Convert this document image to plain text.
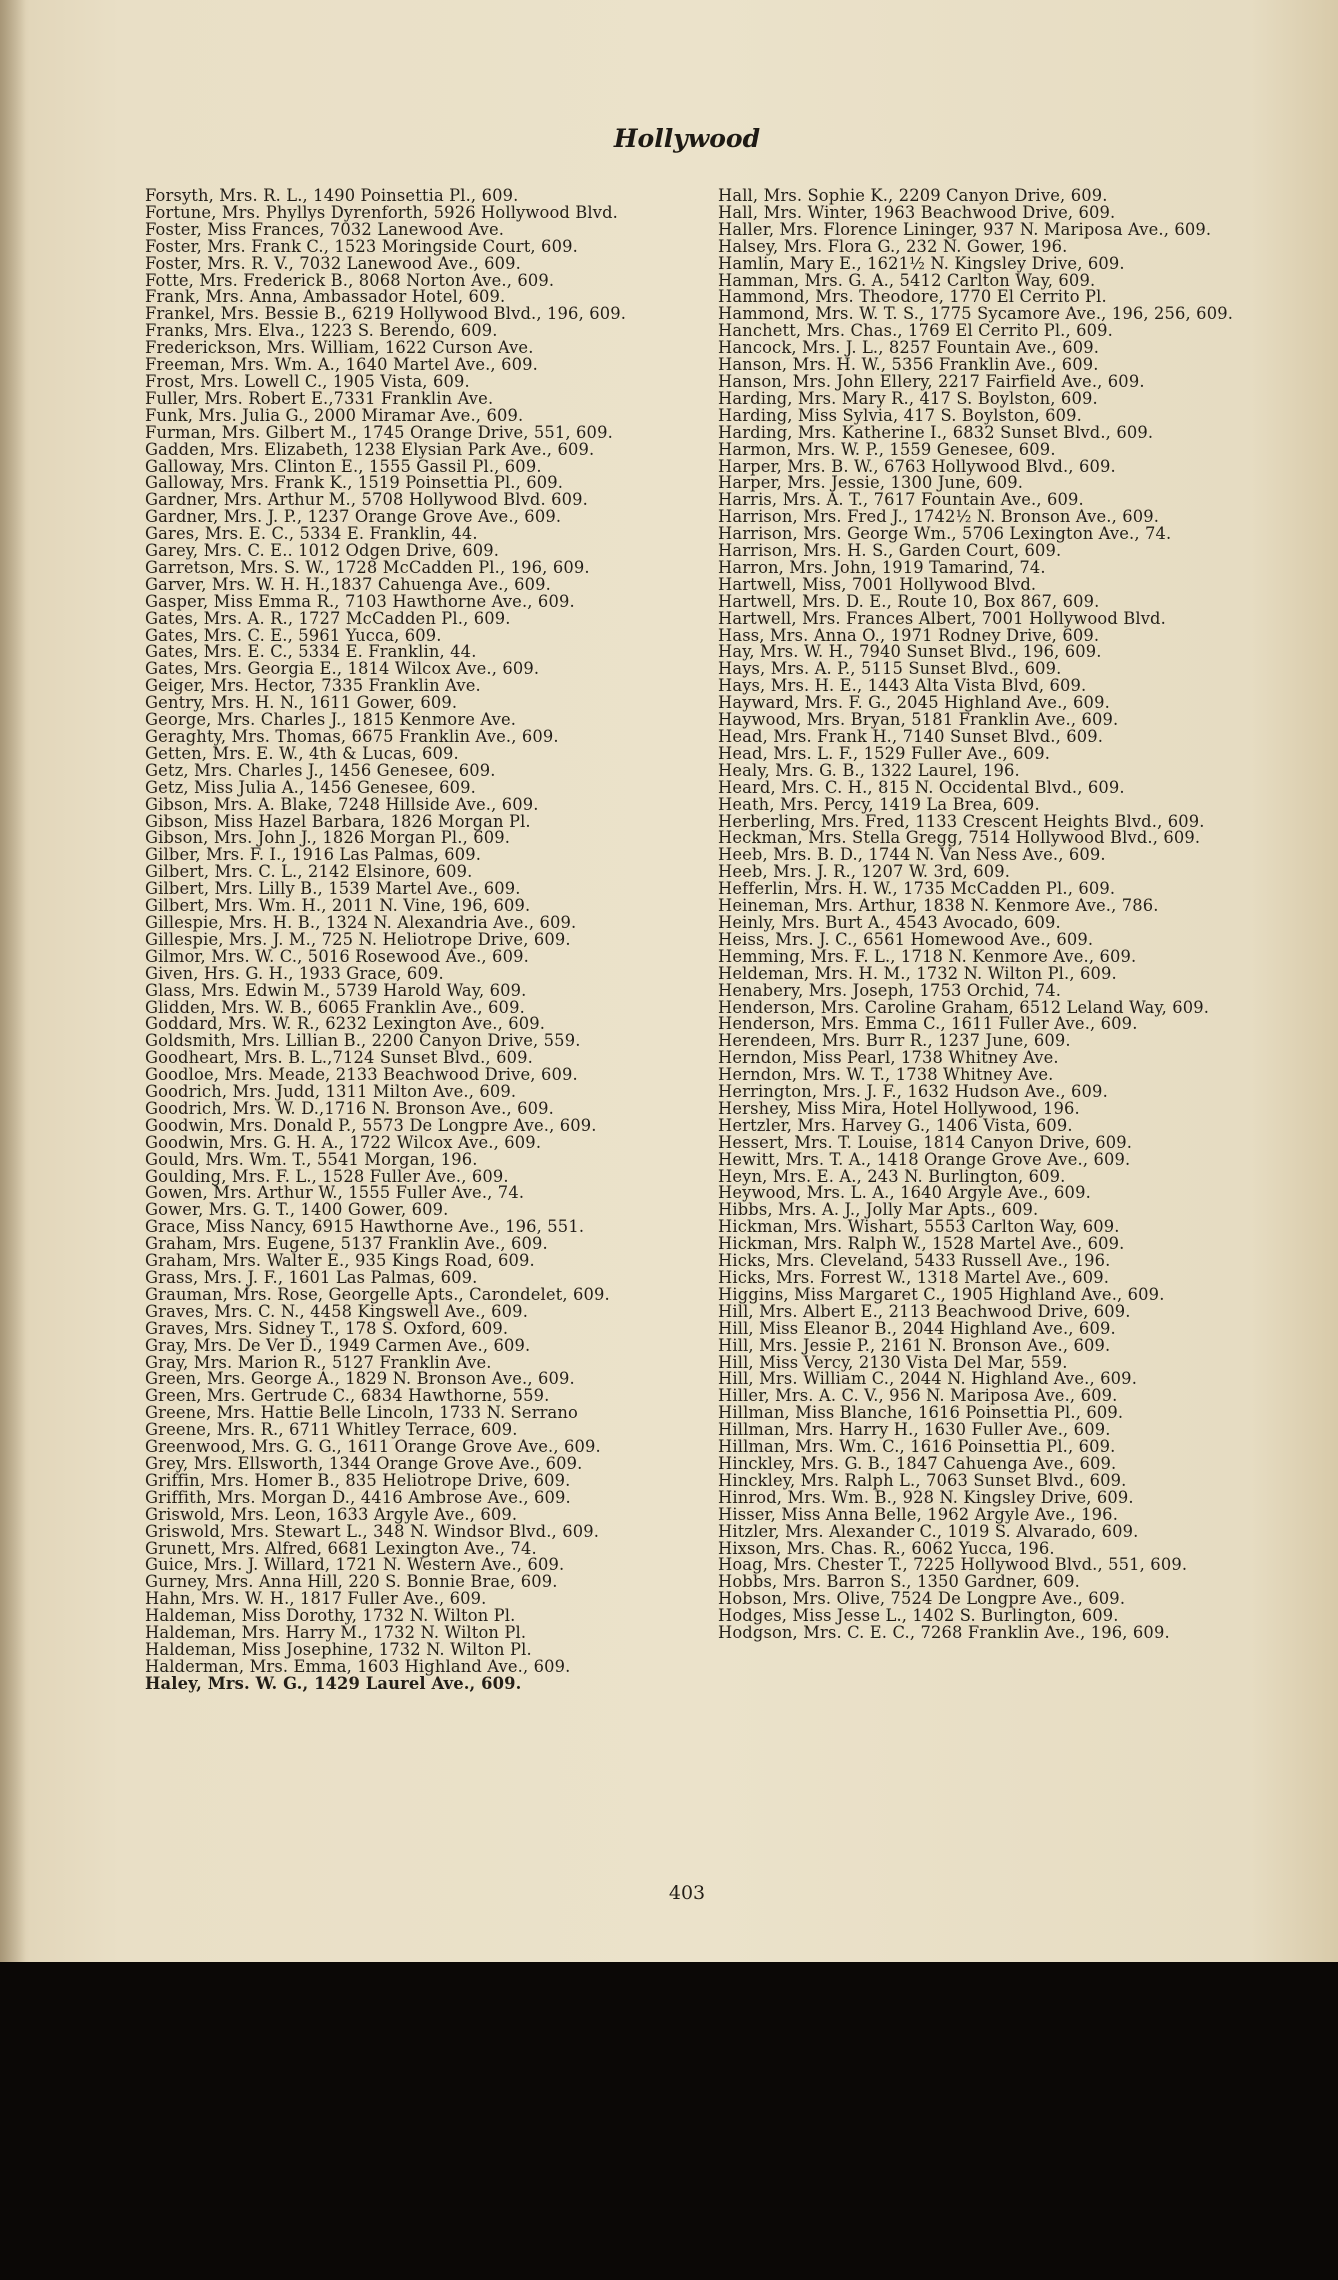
Hollywood
Forsyth, Mrs. R. L., 1490 Poinsettia Pl., 609.
Fortune, Mrs. Phyllys Dyrenforth, 5926 Hollywood Blvd.
Foster, Miss Frances, 7032 Lanewood Ave.
Foster, Mrs. Frank C., 1523 Moringside Court, 609.
Foster, Mrs. R. V., 7032 Lanewood Ave., 609.
Fotte, Mrs. Frederick B., 8068 Norton Ave., 609.
Frank, Mrs. Anna, Ambassador Hotel, 609.
Frankel, Mrs. Bessie B., 6219 Hollywood Blvd., 196, 609.
Franks, Mrs. Elva., 1223 S. Berendo, 609.
Frederickson, Mrs. William, 1622 Curson Ave.
Freeman, Mrs. Wm. A., 1640 Martel Ave., 609.
Frost, Mrs. Lowell C., 1905 Vista, 609.
Fuller, Mrs. Robert E.,7331 Franklin Ave.
Funk, Mrs. Julia G., 2000 Miramar Ave., 609.
Furman, Mrs. Gilbert M., 1745 Orange Drive, 551, 609.
Gadden, Mrs. Elizabeth, 1238 Elysian Park Ave., 609.
Galloway, Mrs. Clinton E., 1555 Gassil Pl., 609.
Galloway, Mrs. Frank K., 1519 Poinsettia Pl., 609.
Gardner, Mrs. Arthur M., 5708 Hollywood Blvd. 609.
Gardner, Mrs. J. P., 1237 Orange Grove Ave., 609.
Gares, Mrs. E. C., 5334 E. Franklin, 44.
Garey, Mrs. C. E.. 1012 Odgen Drive, 609.
Garretson, Mrs. S. W., 1728 McCadden Pl., 196, 609.
Garver, Mrs. W. H. H.,1837 Cahuenga Ave., 609.
Gasper, Miss Emma R., 7103 Hawthorne Ave., 609.
Gates, Mrs. A. R., 1727 McCadden Pl., 609.
Gates, Mrs. C. E., 5961 Yucca, 609.
Gates, Mrs. E. C., 5334 E. Franklin, 44.
Gates, Mrs. Georgia E., 1814 Wilcox Ave., 609.
Geiger, Mrs. Hector, 7335 Franklin Ave.
Gentry, Mrs. H. N., 1611 Gower, 609.
George, Mrs. Charles J., 1815 Kenmore Ave.
Geraghty, Mrs. Thomas, 6675 Franklin Ave., 609.
Getten, Mrs. E. W., 4th & Lucas, 609.
Getz, Mrs. Charles J., 1456 Genesee, 609.
Getz, Miss Julia A., 1456 Genesee, 609.
Gibson, Mrs. A. Blake, 7248 Hillside Ave., 609.
Gibson, Miss Hazel Barbara, 1826 Morgan Pl.
Gibson, Mrs. John J., 1826 Morgan Pl., 609.
Gilber, Mrs. F. I., 1916 Las Palmas, 609.
Gilbert, Mrs. C. L., 2142 Elsinore, 609.
Gilbert, Mrs. Lilly B., 1539 Martel Ave., 609.
Gilbert, Mrs. Wm. H., 2011 N. Vine, 196, 609.
Gillespie, Mrs. H. B., 1324 N. Alexandria Ave., 609.
Gillespie, Mrs. J. M., 725 N. Heliotrope Drive, 609.
Gilmor, Mrs. W. C., 5016 Rosewood Ave., 609.
Given, Hrs. G. H., 1933 Grace, 609.
Glass, Mrs. Edwin M., 5739 Harold Way, 609.
Glidden, Mrs. W. B., 6065 Franklin Ave., 609.
Goddard, Mrs. W. R., 6232 Lexington Ave., 609.
Goldsmith, Mrs. Lillian B., 2200 Canyon Drive, 559.
Goodheart, Mrs. B. L.,7124 Sunset Blvd., 609.
Goodloe, Mrs. Meade, 2133 Beachwood Drive, 609.
Goodrich, Mrs. Judd, 1311 Milton Ave., 609.
Goodrich, Mrs. W. D.,1716 N. Bronson Ave., 609.
Goodwin, Mrs. Donald P., 5573 De Longpre Ave., 609.
Goodwin, Mrs. G. H. A., 1722 Wilcox Ave., 609.
Gould, Mrs. Wm. T., 5541 Morgan, 196.
Goulding, Mrs. F. L., 1528 Fuller Ave., 609.
Gowen, Mrs. Arthur W., 1555 Fuller Ave., 74.
Gower, Mrs. G. T., 1400 Gower, 609.
Grace, Miss Nancy, 6915 Hawthorne Ave., 196, 551.
Graham, Mrs. Eugene, 5137 Franklin Ave., 609.
Graham, Mrs. Walter E., 935 Kings Road, 609.
Grass, Mrs. J. F., 1601 Las Palmas, 609.
Grauman, Mrs. Rose, Georgelle Apts., Carondelet, 609.
Graves, Mrs. C. N., 4458 Kingswell Ave., 609.
Graves, Mrs. Sidney T., 178 S. Oxford, 609.
Gray, Mrs. De Ver D., 1949 Carmen Ave., 609.
Gray, Mrs. Marion R., 5127 Franklin Ave.
Green, Mrs. George A., 1829 N. Bronson Ave., 609.
Green, Mrs. Gertrude C., 6834 Hawthorne, 559.
Greene, Mrs. Hattie Belle Lincoln, 1733 N. Serrano
Greene, Mrs. R., 6711 Whitley Terrace, 609.
Greenwood, Mrs. G. G., 1611 Orange Grove Ave., 609.
Grey, Mrs. Ellsworth, 1344 Orange Grove Ave., 609.
Griffin, Mrs. Homer B., 835 Heliotrope Drive, 609.
Griffith, Mrs. Morgan D., 4416 Ambrose Ave., 609.
Griswold, Mrs. Leon, 1633 Argyle Ave., 609.
Griswold, Mrs. Stewart L., 348 N. Windsor Blvd., 609.
Grunett, Mrs. Alfred, 6681 Lexington Ave., 74.
Guice, Mrs. J. Willard, 1721 N. Western Ave., 609.
Gurney, Mrs. Anna Hill, 220 S. Bonnie Brae, 609.
Hahn, Mrs. W. H., 1817 Fuller Ave., 609.
Haldeman, Miss Dorothy, 1732 N. Wilton Pl.
Haldeman, Mrs. Harry M., 1732 N. Wilton Pl.
Haldeman, Miss Josephine, 1732 N. Wilton Pl.
Halderman, Mrs. Emma, 1603 Highland Ave., 609.
Haley, Mrs. W. G., 1429 Laurel Ave., 609.
Hall, Mrs. Sophie K., 2209 Canyon Drive, 609.
Hall, Mrs. Winter, 1963 Beachwood Drive, 609.
Haller, Mrs. Florence Lininger, 937 N. Mariposa Ave., 609.
Halsey, Mrs. Flora G., 232 N. Gower, 196.
Hamlin, Mary E., 1621½ N. Kingsley Drive, 609.
Hamman, Mrs. G. A., 5412 Carlton Way, 609.
Hammond, Mrs. Theodore, 1770 El Cerrito Pl.
Hammond, Mrs. W. T. S., 1775 Sycamore Ave., 196, 256, 609.
Hanchett, Mrs. Chas., 1769 El Cerrito Pl., 609.
Hancock, Mrs. J. L., 8257 Fountain Ave., 609.
Hanson, Mrs. H. W., 5356 Franklin Ave., 609.
Hanson, Mrs. John Ellery, 2217 Fairfield Ave., 609.
Harding, Mrs. Mary R., 417 S. Boylston, 609.
Harding, Miss Sylvia, 417 S. Boylston, 609.
Harding, Mrs. Katherine I., 6832 Sunset Blvd., 609.
Harmon, Mrs. W. P., 1559 Genesee, 609.
Harper, Mrs. B. W., 6763 Hollywood Blvd., 609.
Harper, Mrs. Jessie, 1300 June, 609.
Harris, Mrs. A. T., 7617 Fountain Ave., 609.
Harrison, Mrs. Fred J., 1742½ N. Bronson Ave., 609.
Harrison, Mrs. George Wm., 5706 Lexington Ave., 74.
Harrison, Mrs. H. S., Garden Court, 609.
Harron, Mrs. John, 1919 Tamarind, 74.
Hartwell, Miss, 7001 Hollywood Blvd.
Hartwell, Mrs. D. E., Route 10, Box 867, 609.
Hartwell, Mrs. Frances Albert, 7001 Hollywood Blvd.
Hass, Mrs. Anna O., 1971 Rodney Drive, 609.
Hay, Mrs. W. H., 7940 Sunset Blvd., 196, 609.
Hays, Mrs. A. P., 5115 Sunset Blvd., 609.
Hays, Mrs. H. E., 1443 Alta Vista Blvd, 609.
Hayward, Mrs. F. G., 2045 Highland Ave., 609.
Haywood, Mrs. Bryan, 5181 Franklin Ave., 609.
Head, Mrs. Frank H., 7140 Sunset Blvd., 609.
Head, Mrs. L. F., 1529 Fuller Ave., 609.
Healy, Mrs. G. B., 1322 Laurel, 196.
Heard, Mrs. C. H., 815 N. Occidental Blvd., 609.
Heath, Mrs. Percy, 1419 La Brea, 609.
Herberling, Mrs. Fred, 1133 Crescent Heights Blvd., 609.
Heckman, Mrs. Stella Gregg, 7514 Hollywood Blvd., 609.
Heeb, Mrs. B. D., 1744 N. Van Ness Ave., 609.
Heeb, Mrs. J. R., 1207 W. 3rd, 609.
Hefferlin, Mrs. H. W., 1735 McCadden Pl., 609.
Heineman, Mrs. Arthur, 1838 N. Kenmore Ave., 786.
Heinly, Mrs. Burt A., 4543 Avocado, 609.
Heiss, Mrs. J. C., 6561 Homewood Ave., 609.
Hemming, Mrs. F. L., 1718 N. Kenmore Ave., 609.
Heldeman, Mrs. H. M., 1732 N. Wilton Pl., 609.
Henabery, Mrs. Joseph, 1753 Orchid, 74.
Henderson, Mrs. Caroline Graham, 6512 Leland Way, 609.
Henderson, Mrs. Emma C., 1611 Fuller Ave., 609.
Herendeen, Mrs. Burr R., 1237 June, 609.
Herndon, Miss Pearl, 1738 Whitney Ave.
Herndon, Mrs. W. T., 1738 Whitney Ave.
Herrington, Mrs. J. F., 1632 Hudson Ave., 609.
Hershey, Miss Mira, Hotel Hollywood, 196.
Hertzler, Mrs. Harvey G., 1406 Vista, 609.
Hessert, Mrs. T. Louise, 1814 Canyon Drive, 609.
Hewitt, Mrs. T. A., 1418 Orange Grove Ave., 609.
Heyn, Mrs. E. A., 243 N. Burlington, 609.
Heywood, Mrs. L. A., 1640 Argyle Ave., 609.
Hibbs, Mrs. A. J., Jolly Mar Apts., 609.
Hickman, Mrs. Wishart, 5553 Carlton Way, 609.
Hickman, Mrs. Ralph W., 1528 Martel Ave., 609.
Hicks, Mrs. Cleveland, 5433 Russell Ave., 196.
Hicks, Mrs. Forrest W., 1318 Martel Ave., 609.
Higgins, Miss Margaret C., 1905 Highland Ave., 609.
Hill, Mrs. Albert E., 2113 Beachwood Drive, 609.
Hill, Miss Eleanor B., 2044 Highland Ave., 609.
Hill, Mrs. Jessie P., 2161 N. Bronson Ave., 609.
Hill, Miss Vercy, 2130 Vista Del Mar, 559.
Hill, Mrs. William C., 2044 N. Highland Ave., 609.
Hiller, Mrs. A. C. V., 956 N. Mariposa Ave., 609.
Hillman, Miss Blanche, 1616 Poinsettia Pl., 609.
Hillman, Mrs. Harry H., 1630 Fuller Ave., 609.
Hillman, Mrs. Wm. C., 1616 Poinsettia Pl., 609.
Hinckley, Mrs. G. B., 1847 Cahuenga Ave., 609.
Hinckley, Mrs. Ralph L., 7063 Sunset Blvd., 609.
Hinrod, Mrs. Wm. B., 928 N. Kingsley Drive, 609.
Hisser, Miss Anna Belle, 1962 Argyle Ave., 196.
Hitzler, Mrs. Alexander C., 1019 S. Alvarado, 609.
Hixson, Mrs. Chas. R., 6062 Yucca, 196.
Hoag, Mrs. Chester T., 7225 Hollywood Blvd., 551, 609.
Hobbs, Mrs. Barron S., 1350 Gardner, 609.
Hobson, Mrs. Olive, 7524 De Longpre Ave., 609.
Hodges, Miss Jesse L., 1402 S. Burlington, 609.
Hodgson, Mrs. C. E. C., 7268 Franklin Ave., 196, 609.
403
